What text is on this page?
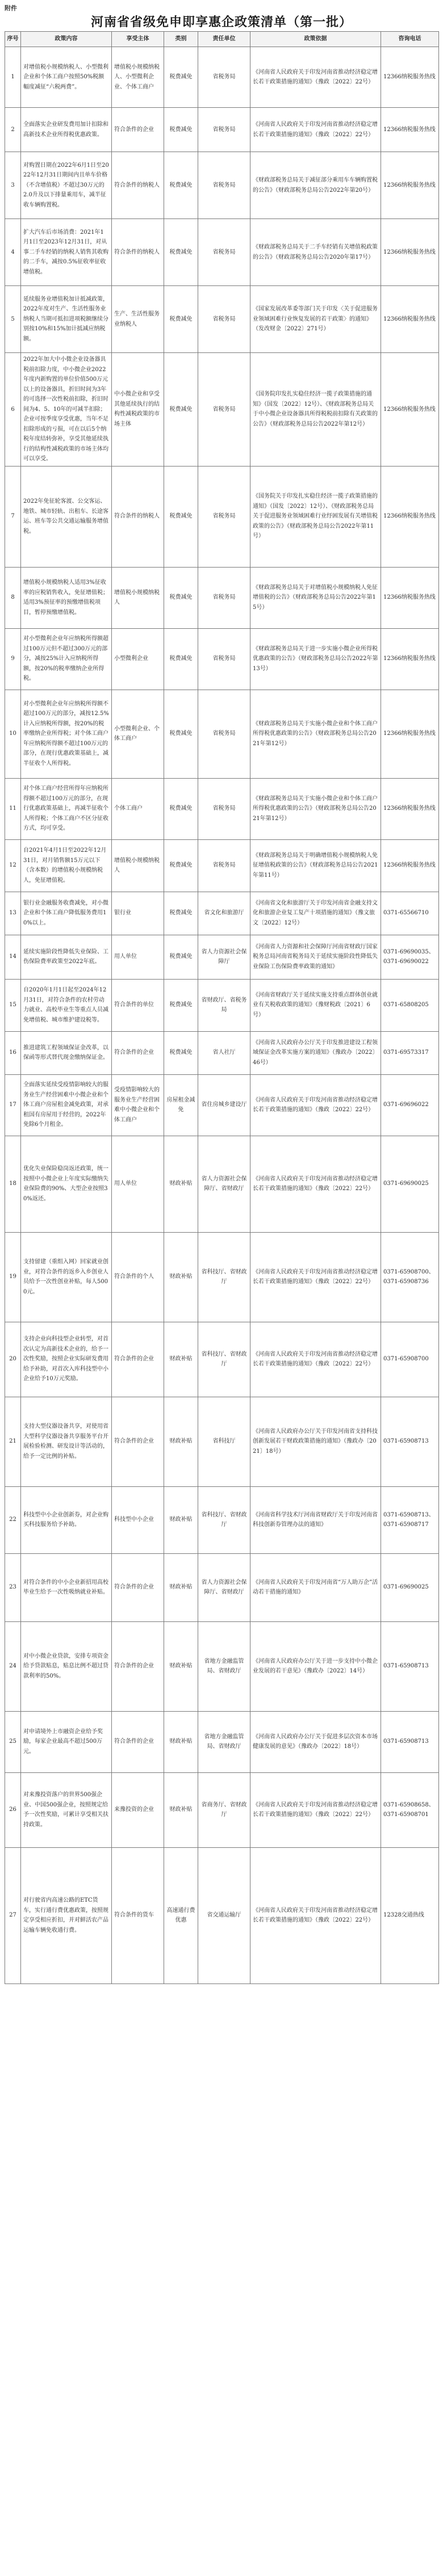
附件
河南省省级免申即享惠企政策清单（第一批）
序号	政策内容	享受主体	类别	责任单位	政策依据	咨询电话
1	对增值税小规模纳税人、小型微利企业和个体工商户按照50%税额幅度减征“六税两费”。	增值税小规模纳税人、小型微利企业、个体工商户	税费减免	省税务局	《河南省人民政府关于印发河南省推动经济稳定增长若干政策措施的通知》（豫政〔2022〕22号）	12366纳税服务热线
2	全面落实企业研发费用加计扣除和高新技术企业所得税优惠政策。	符合条件的企业	税费减免	省税务局	《河南省人民政府关于印发河南省推动经济稳定增长若干政策措施的通知》（豫政〔2022〕22号）	12366纳税服务热线
3	对购置日期在2022年6月1日至2022年12月31日期间内且单车价格（不含增值税）不超过30万元的2.0升及以下排量乘用车，减半征收车辆购置税。	符合条件的纳税人	税费减免	省税务局	《财政部税务总局关于减征部分乘用车车辆购置税的公告》（财政部税务总局公告2022年第20号）	12366纳税服务热线
4	扩大汽车后市场消费：2021年1月1日至2023年12月31日，对从事二手车经销的纳税人销售其收购的二手车，减按0.5%征收率征收增值税。	符合条件的纳税人	税费减免	省税务局	《财政部税务总局关于二手车经销有关增值税政策的公告》（财政部税务总局公告2020年第17号）	12366纳税服务热线
5	延续服务业增值税加计抵减政策，2022年度对生产、生活性服务业纳税人当期可抵扣进项税额继续分别按10%和15%加计抵减应纳税额。	生产、生活性服务业纳税人	税费减免	省税务局	《国家发展改革委等部门关于印发〈关于促进服务业领域困难行业恢复发展的若干政策〉的通知》（发改财金〔2022〕271号）	12366纳税服务热线
6	2022年加大中小微企业设备器具税前扣除力度，中小微企业2022年度内新购置的单位价值500万元以上的设备器具，折旧时间为3年的可选择一次性税前扣除，折旧时间为4、5、10年的可减半扣除；企业可按季度享受优惠，当年不足扣除形成的亏损，可在以后5个纳税年度结转弥补，享受其他延续执行的结构性减税政策的市场主体均可以享受。	中小微企业和享受其他延续执行的结构性减税政策的市场主体	税费减免	省税务局	《国务院印发扎实稳住经济一揽子政策措施的通知》（国发〔2022〕12号）、《财政部税务总局关于中小微企业设备器具所得税税前扣除有关政策的公告》（财政部税务总局公告2022年第12号）	12366纳税服务热线
7	2022年免征轮客渡、公交客运、地铁、城市轻轨、出租车、长途客运、班车等公共交通运输服务增值税。	符合条件的纳税人	税费减免	省税务局	《国务院关于印发扎实稳住经济一揽子政策措施的通知》（国发〔2022〕12号）、《财政部税务总局关于促进服务业领域困难行业纾困发展有关增值税政策的公告》（财政部税务总局公告2022年第11号）	12366纳税服务热线
8	增值税小规模纳税人适用3%征收率的应税销售收入，免征增值税；适用3%预征率的预缴增值税项目，暂停预缴增值税。	增值税小规模纳税人	税费减免	省税务局	《财政部税务总局关于对增值税小规模纳税人免征增值税的公告》（财政部税务总局公告2022年第15号）	12366纳税服务热线
9	对小型微利企业年应纳税所得额超过100万元但不超过300万元的部分，减按25%计入应纳税所得额，按20%的税率缴纳企业所得税。	小型微利企业	税费减免	省税务局	《财政部税务总局关于进一步实施小微企业所得税优惠政策的公告》（财政部税务总局公告2022年第13号）	12366纳税服务热线
10	对小型微利企业年应纳税所得额不超过100万元的部分，减按12.5%计入应纳税所得额，按20%的税率缴纳企业所得税；对个体工商户年应纳税所得额不超过100万元的部分，在现行优惠政策基础上，减半征收个人所得税。	小型微利企业、个体工商户	税费减免	省税务局	《财政部税务总局关于实施小微企业和个体工商户所得税优惠政策的公告》（财政部税务总局公告2021年第12号）	12366纳税服务热线
11	对个体工商户经营所得年应纳税所得额不超过100万元的部分，在现行优惠政策基础上，再减半征收个人所得税；个体工商户不区分征收方式，均可享受。	个体工商户	税费减免	省税务局	《财政部税务总局关于实施小微企业和个体工商户所得税优惠政策的公告》（财政部税务总局公告2021年第12号）	12366纳税服务热线
12	自2021年4月1日至2022年12月31日，对月销售额15万元以下（含本数）的增值税小规模纳税人，免征增值税。	增值税小规模纳税人	税费减免	省税务局	《财政部税务总局关于明确增值税小规模纳税人免征增值税政策的公告》（财政部税务总局公告2021年第11号）	12366纳税服务热线
13	银行业金融服务收费减免，对小微企业和个体工商户降低服务费用10%以上。	银行业	税费减免	省文化和旅游厅	《河南省文化和旅游厅关于印发河南省金融支持文化和旅游企业复工复产十项措施的通知》（豫文旅文〔2022〕12号）	0371-65566710
14	延续实施阶段性降低失业保险、工伤保险费率政策至2022年底。	用人单位	税费减免	省人力资源社会保障厅	《河南省人力资源和社会保障厅河南省财政厅国家税务总局河南省税务局关于延续实施阶段性降低失业保险工伤保险费率政策的通知》	0371-69690035、0371-69690022
15	自2020年1月1日起至2024年12月31日，对符合条件的农村劳动力就业、高校毕业生等重点人员减免增值税、城市维护建设税等。	符合条件的单位	税费减免	省财政厅、省税务局	《河南省财政厅关于延续实施支持重点群体创业就业有关税收政策的通知》（豫财税政〔2021〕6号）	0371-65808205
16	推进建筑工程领域保证金改革，以保函等形式替代现金缴纳保证金。	符合条件的企业	税费减免	省人社厅	《河南省人民政府办公厅关于印发推进建设工程领域保证金改革实施方案的通知》（豫政办〔2022〕46号）	0371-69573317
17	全面落实延续受疫情影响较大的服务业生产经营困难中小微企业和个体工商户房屋租金减免政策，对承租国有房屋用于经营的，2022年免除6个月租金。	受疫情影响较大的服务业生产经营困难中小微企业和个体工商户	房屋租金减免	省住房城乡建设厅	《河南省人民政府关于印发河南省推动经济稳定增长若干政策措施的通知》（豫政〔2022〕22号）	0371-69696022
18	优化失业保险稳岗返还政策，统一按照中小微企业上年度实际缴纳失业保险费的90%、大型企业按照30%返还。	用人单位	财政补贴	省人力资源社会保障厅、省财政厅	《河南省人民政府关于印发河南省推动经济稳定增长若干政策措施的通知》（豫政〔2022〕22号）	0371-69690025
19	支持留建（重组入网）回家就业创业，对符合条件的返乡入乡创业人员给予一次性创业补贴，每人5000元。	符合条件的个人	财政补贴	省科技厅、省财政厅	《河南省人民政府关于印发河南省推动经济稳定增长若干政策措施的通知》（豫政〔2022〕22号）	0371-65908700、0371-65908736
20	支持企业向科技型企业转型，对首次认定为高新技术企业的，给予一次性奖励，按照企业实际研发费用给予补助，对首次入库科技型中小企业给予10万元奖励。	符合条件的企业	财政补贴	省科技厅、省财政厅	《河南省人民政府关于印发河南省推动经济稳定增长若干政策措施的通知》（豫政〔2022〕22号）	0371-65908700
21	支持大型仪器设备共享，对使用省大型科学仪器设备共享服务平台开展检验检测、研发设计等活动的，给予一定比例的补贴。	符合条件的企业	财政补贴	省科技厅	《河南省人民政府办公厅关于印发河南省支持科技创新发展若干财政政策措施的通知》（豫政办〔2021〕18号）	0371-65908713
22	科技型中小企业创新券，对企业购买科技服务给予补助。	科技型中小企业	财政补贴	省科技厅、省财政厅	《河南省科学技术厅河南省财政厅关于印发河南省科技创新券管理办法的通知》	0371-65908713、0371-65908717
23	对符合条件的中小企业新招用高校毕业生给予一次性吸纳就业补贴。	符合条件的企业	财政补贴	省人力资源社会保障厅、省财政厅	《河南省人民政府关于印发河南省“万人助万企”活动若干措施的通知》	0371-69690025
24	对中小微企业贷款，安排专项资金给予贷款贴息，贴息比例不超过贷款利率的50%。	符合条件的企业	财政补贴	省地方金融监管局、省财政厅	《河南省人民政府办公厅关于进一步支持中小微企业发展的若干意见》（豫政办〔2022〕14号）	0371-65908713
25	对申请境外上市融资企业给予奖励，每家企业最高不超过500万元。	符合条件的企业	财政补贴	省地方金融监管局、省财政厅	《河南省人民政府办公厅关于促进多层次资本市场健康发展的意见》（豫政办〔2022〕18号）	0371-65908713
26	对来豫投资落户的世界500强企业、中国500强企业，按照规定给予一次性奖励，可累计享受相关扶持政策。	来豫投资的企业	财政补贴	省商务厅、省财政厅	《河南省人民政府关于印发河南省推动经济稳定增长若干政策措施的通知》（豫政〔2022〕22号）	0371-65908658、0371-65908701
27	对行驶省内高速公路的ETC货车，实行通行费优惠政策，按照规定享受相应折扣，并对鲜活农产品运输车辆免收通行费。	符合条件的货车	高速通行费优惠	省交通运输厅	《河南省人民政府关于印发河南省推动经济稳定增长若干政策措施的通知》（豫政〔2022〕22号）	12328交通热线
